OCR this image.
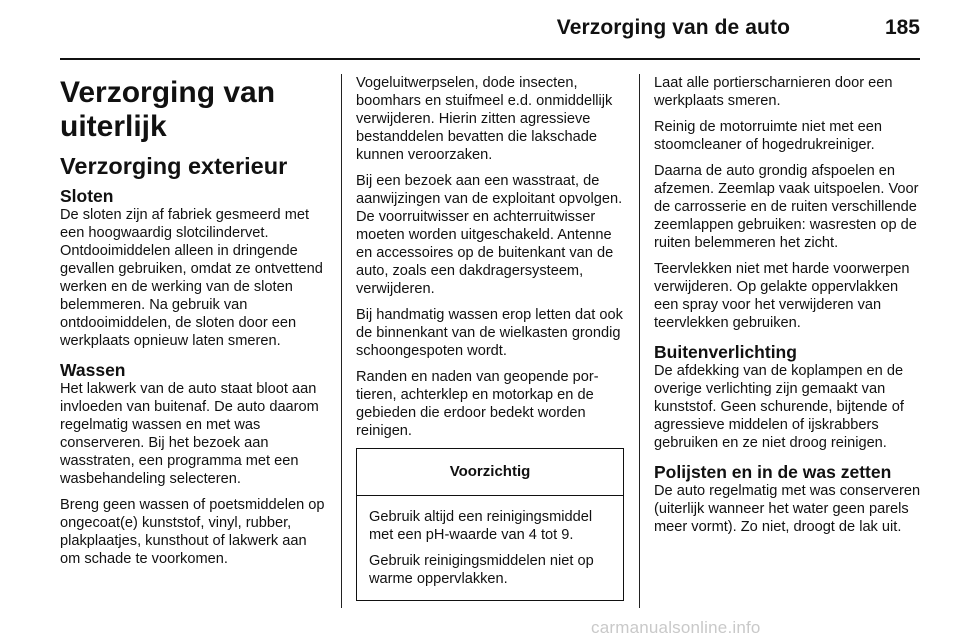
Verzorging van de auto	185
Verzorging van uiterlijk
Verzorging exterieur
Sloten

De sloten zijn af fabriek gesmeerd met een hoogwaardig slotcilindervet. Ontdooimiddelen alleen in dringende gevallen gebruiken, omdat ze ontvettend werken en de werking van de sloten belemmeren. Na gebruik van ontdooimiddelen, de sloten door een werkplaats opnieuw laten smeren.

Wassen

Het lakwerk van de auto staat bloot aan invloeden van buitenaf. De auto daarom regelmatig wassen en met was conserveren. Bij het bezoek aan wasstraten, een programma met een wasbehandeling selecteren.

Breng geen wassen of poetsmiddelen op ongecoat(e) kunststof, vinyl, rubber, plakplaatjes, kunsthout of lakwerk aan om schade te voorkomen.

Vogeluitwerpselen, dode insecten, boomhars en stuifmeel e.d. onmiddellijk verwijderen. Hierin zitten agressieve bestanddelen bevatten die lakschade kunnen veroorzaken.

Bij een bezoek aan een wasstraat, de aanwijzingen van de exploitant opvolgen. De voorruitwisser en achterruitwisser moeten worden uitgeschakeld. Antenne en accessoires op de buitenkant van de auto, zoals een dakdragersysteem, verwijderen.

Bij handmatig wassen erop letten dat ook de binnenkant van de wielkasten grondig schoongespoten wordt.

Randen en naden van geopende portieren, achterklep en motorkap en de gebieden die erdoor bedekt worden reinigen.

Voorzichtig

Gebruik altijd een reinigingsmiddel met een pH-waarde van 4 tot 9.

Gebruik reinigingsmiddelen niet op warme oppervlakken.

Laat alle portierscharnieren door een werkplaats smeren.

Reinig de motorruimte niet met een stoomcleaner of hogedrukreiniger.

Daarna de auto grondig afspoelen en afzemen. Zeemlap vaak uitspoelen. Voor de carrosserie en de ruiten verschillende zeemlappen gebruiken: wasresten op de ruiten belemmeren het zicht.

Teervlekken niet met harde voorwerpen verwijderen. Op gelakte oppervlakken een spray voor het verwijderen van teervlekken gebruiken.

Buitenverlichting

De afdekking van de koplampen en de overige verlichting zijn gemaakt van kunststof. Geen schurende, bijtende of agressieve middelen of ijskrabbers gebruiken en ze niet droog reinigen.

Polijsten en in de was zetten

De auto regelmatig met was conserveren (uiterlijk wanneer het water geen parels meer vormt). Zo niet, droogt de lak uit.

carmanualsonline.info
